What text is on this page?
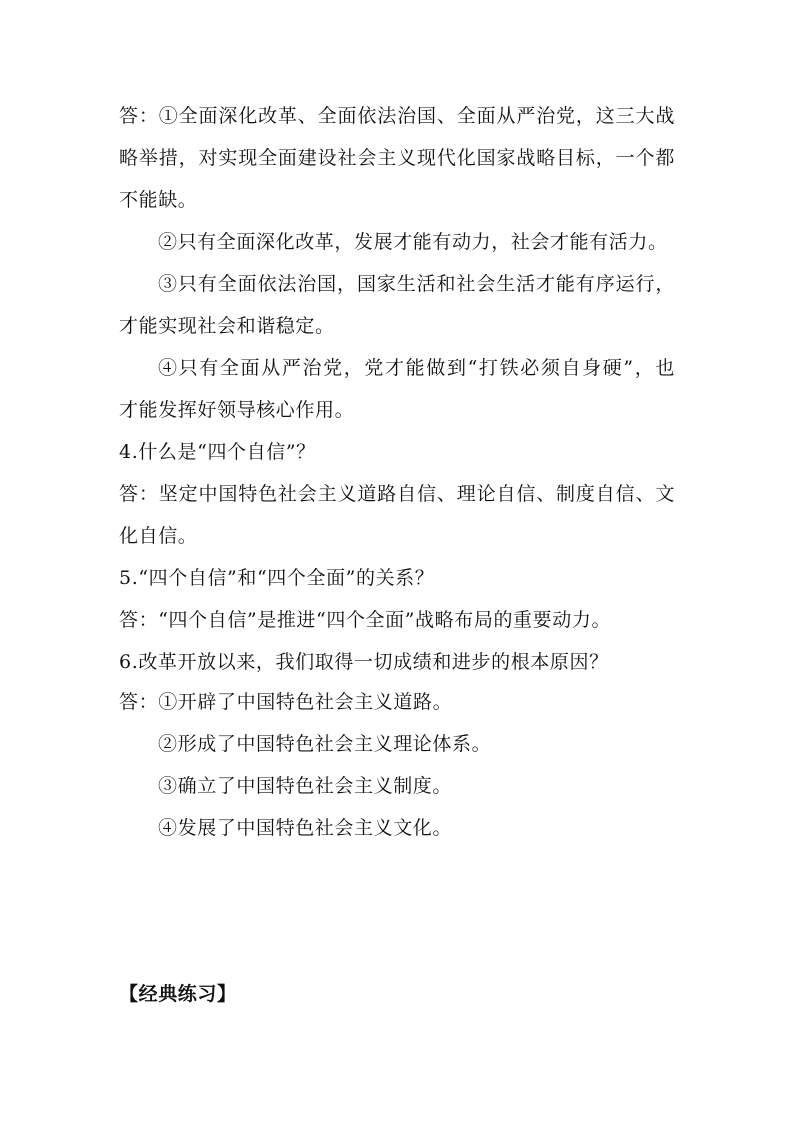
答：①全面深化改革、全面依法治国、全面从严治党，这三大战
略举措，对实现全面建设社会主义现代化国家战略目标，一个都
不能缺。
②只有全面深化改革，发展才能有动力，社会才能有活力。
③只有全面依法治国，国家生活和社会生活才能有序运行，
才能实现社会和谐稳定。
④只有全面从严治党，党才能做到“打铁必须自身硬”，也
才能发挥好领导核心作用。
4.什么是“四个自信”？
答：坚定中国特色社会主义道路自信、理论自信、制度自信、文
化自信。
5.“四个自信”和“四个全面”的关系？
答：“四个自信”是推进“四个全面”战略布局的重要动力。
6.改革开放以来，我们取得一切成绩和进步的根本原因？
答：①开辟了中国特色社会主义道路。
②形成了中国特色社会主义理论体系。
③确立了中国特色社会主义制度。
④发展了中国特色社会主义文化。
【经典练习】
